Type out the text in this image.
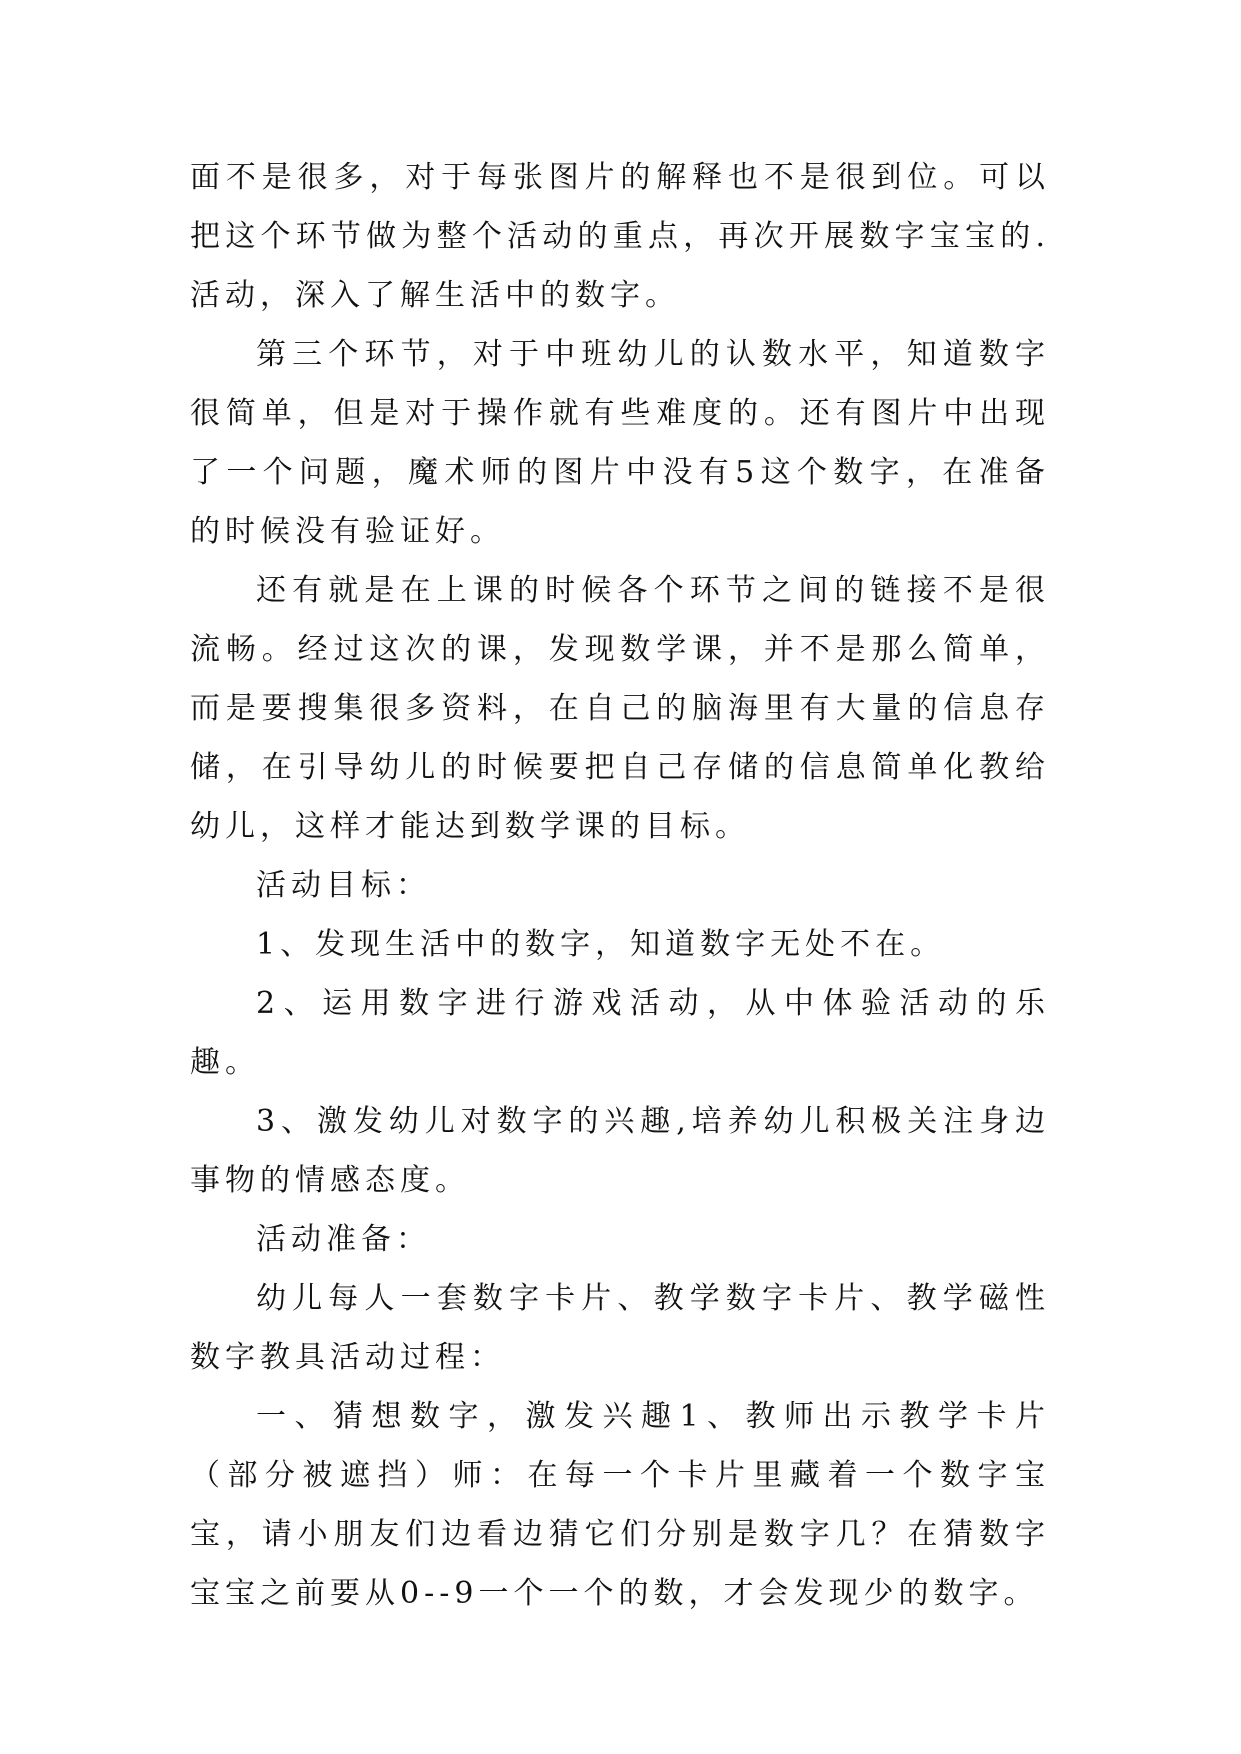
面不是很多，对于每张图片的解释也不是很到位。可以把这个环节做为整个活动的重点，再次开展数字宝宝的.活动，深入了解生活中的数字。

第三个环节，对于中班幼儿的认数水平，知道数字很简单，但是对于操作就有些难度的。还有图片中出现了一个问题，魔术师的图片中没有5这个数字，在准备的时候没有验证好。

还有就是在上课的时候各个环节之间的链接不是很流畅。经过这次的课，发现数学课，并不是那么简单，而是要搜集很多资料，在自己的脑海里有大量的信息存储，在引导幼儿的时候要把自己存储的信息简单化教给幼儿，这样才能达到数学课的目标。

活动目标：

1、发现生活中的数字，知道数字无处不在。

2、运用数字进行游戏活动，从中体验活动的乐趣。

3、激发幼儿对数字的兴趣,培养幼儿积极关注身边事物的情感态度。

活动准备：

幼儿每人一套数字卡片、教学数字卡片、教学磁性数字教具活动过程：

一、猜想数字，激发兴趣1、教师出示教学卡片（部分被遮挡）师：在每一个卡片里藏着一个数字宝宝，请小朋友们边看边猜它们分别是数字几？在猜数字宝宝之前要从0--9一个一个的数，才会发现少的数字。
